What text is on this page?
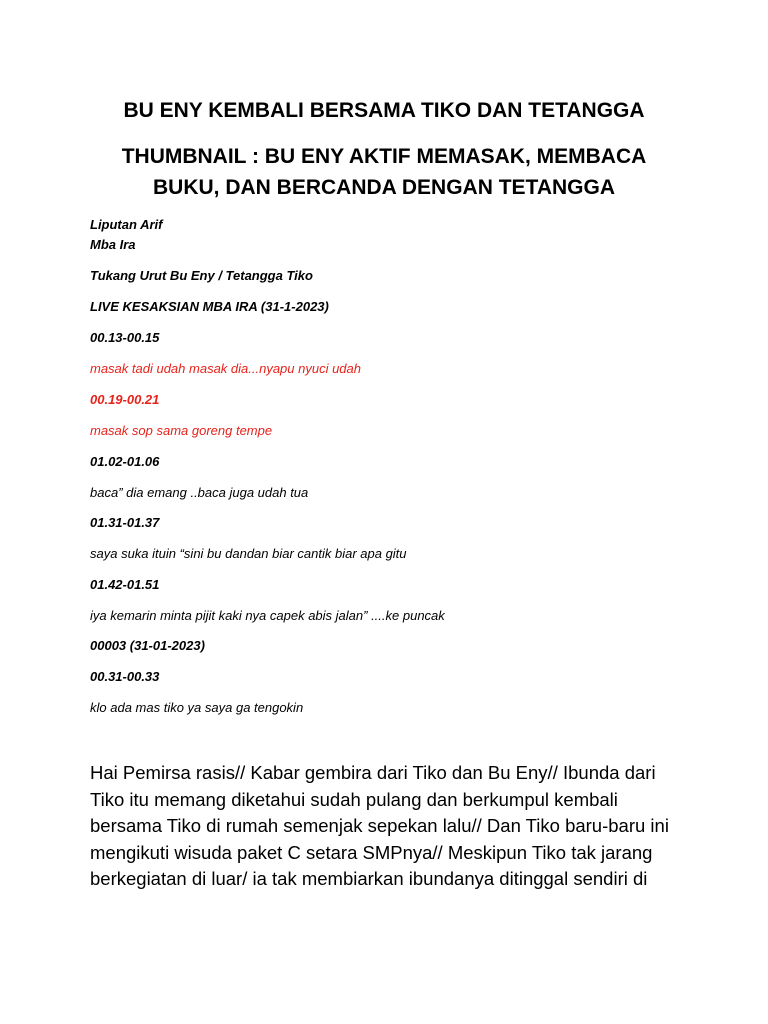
BU ENY KEMBALI BERSAMA TIKO DAN TETANGGA
THUMBNAIL : BU ENY AKTIF MEMASAK, MEMBACA BUKU, DAN BERCANDA DENGAN TETANGGA

Liputan Arif

Mba Ira

Tukang Urut Bu Eny / Tetangga Tiko

LIVE KESAKSIAN MBA IRA (31-1-2023)

00.13-00.15

masak tadi udah masak dia...nyapu nyuci udah

00.19-00.21

masak sop sama goreng tempe

01.02-01.06

baca” dia emang ..baca juga udah tua

01.31-01.37

saya suka ituin “sini bu dandan biar cantik biar apa gitu

01.42-01.51

iya kemarin minta pijit kaki nya capek abis jalan” ....ke puncak

00003 (31-01-2023)

00.31-00.33

klo ada mas tiko ya saya ga tengokin

Hai Pemirsa rasis// Kabar gembira dari Tiko dan Bu Eny// Ibunda dari Tiko itu memang diketahui sudah pulang dan berkumpul kembali bersama Tiko di rumah semenjak sepekan lalu// Dan Tiko baru-baru ini mengikuti wisuda paket C setara SMPnya// Meskipun Tiko tak jarang berkegiatan di luar/ ia tak membiarkan ibundanya ditinggal sendiri di
